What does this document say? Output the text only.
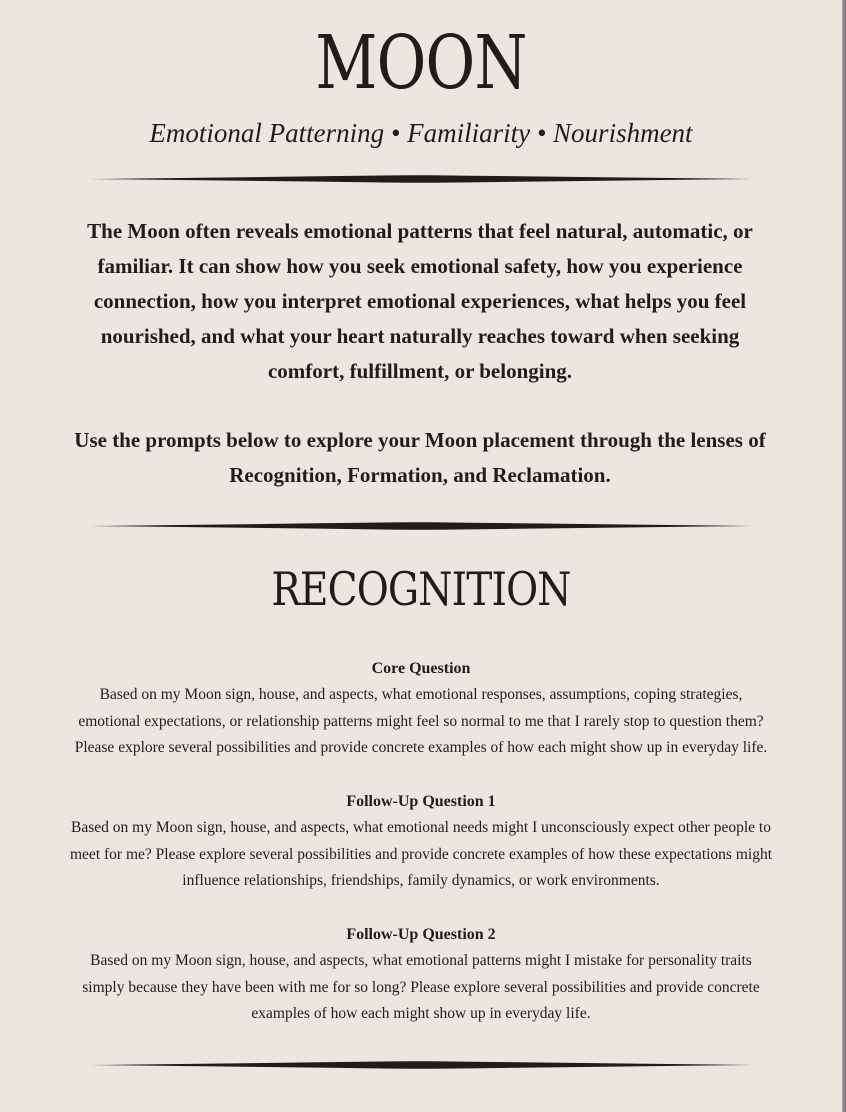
MOON
Emotional Patterning • Familiarity • Nourishment

The Moon often reveals emotional patterns that feel natural, automatic, or familiar. It can show how you seek emotional safety, how you experience connection, how you interpret emotional experiences, what helps you feel nourished, and what your heart naturally reaches toward when seeking comfort, fulfillment, or belonging.

Use the prompts below to explore your Moon placement through the lenses of Recognition, Formation, and Reclamation.

RECOGNITION

Core Question

Based on my Moon sign, house, and aspects, what emotional responses, assumptions, coping strategies, emotional expectations, or relationship patterns might feel so normal to me that I rarely stop to question them? Please explore several possibilities and provide concrete examples of how each might show up in everyday life.

Follow-Up Question 1

Based on my Moon sign, house, and aspects, what emotional needs might I unconsciously expect other people to meet for me? Please explore several possibilities and provide concrete examples of how these expectations might influence relationships, friendships, family dynamics, or work environments.

Follow-Up Question 2

Based on my Moon sign, house, and aspects, what emotional patterns might I mistake for personality traits simply because they have been with me for so long? Please explore several possibilities and provide concrete examples of how each might show up in everyday life.
